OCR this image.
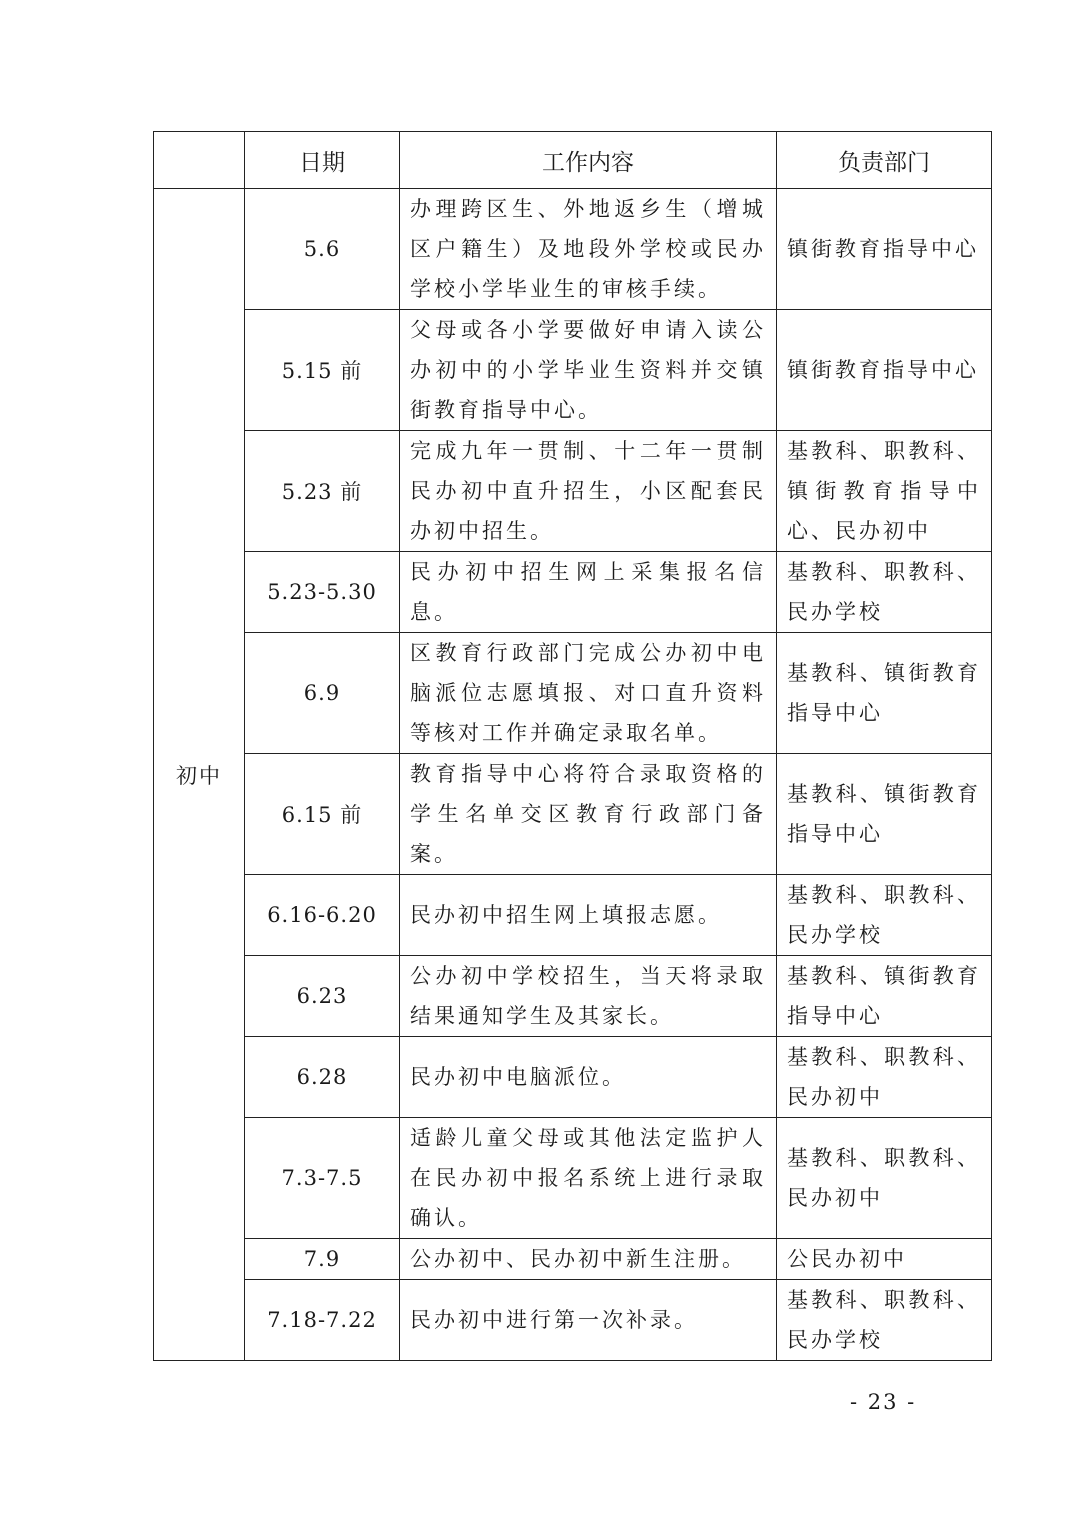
	日期	工作内容	负责部门
初中	5.6	办理跨区生、外地返乡生（增城区户籍生）及地段外学校或民办学校小学毕业生的审核手续。	镇街教育指导中心
	5.15 前	父母或各小学要做好申请入读公办初中的小学毕业生资料并交镇街教育指导中心。	镇街教育指导中心
	5.23 前	完成九年一贯制、十二年一贯制民办初中直升招生，小区配套民办初中招生。	基教科、职教科、镇街教育指导中心、民办初中
	5.23-5.30	民办初中招生网上采集报名信息。	基教科、职教科、民办学校
	6.9	区教育行政部门完成公办初中电脑派位志愿填报、对口直升资料等核对工作并确定录取名单。	基教科、镇街教育指导中心
	6.15 前	教育指导中心将符合录取资格的学生名单交区教育行政部门备案。	基教科、镇街教育指导中心
	6.16-6.20	民办初中招生网上填报志愿。	基教科、职教科、民办学校
	6.23	公办初中学校招生，当天将录取结果通知学生及其家长。	基教科、镇街教育指导中心
	6.28	民办初中电脑派位。	基教科、职教科、民办初中
	7.3-7.5	适龄儿童父母或其他法定监护人在民办初中报名系统上进行录取确认。	基教科、职教科、民办初中
	7.9	公办初中、民办初中新生注册。	公民办初中
	7.18-7.22	民办初中进行第一次补录。	基教科、职教科、民办学校
- 23 -
